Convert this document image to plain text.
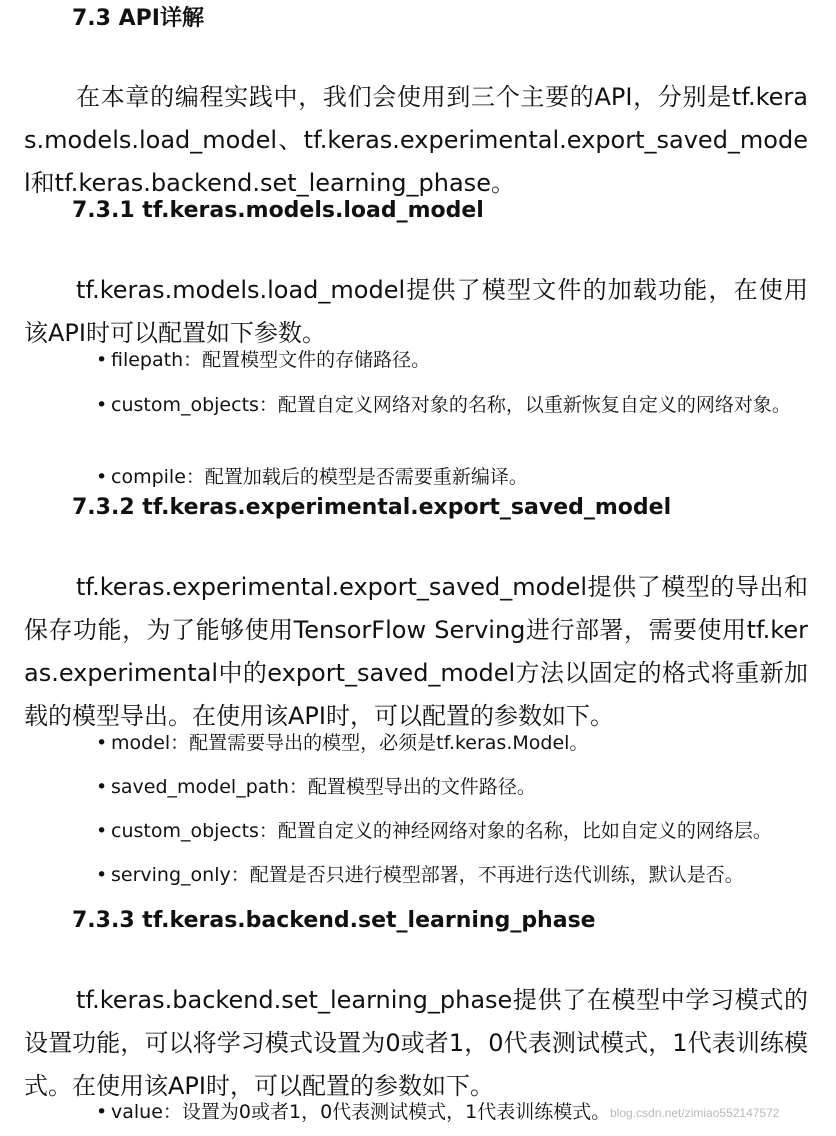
7.3 API详解

在本章的编程实践中，我们会使用到三个主要的API，分别是tf.keras.models.load_model、tf.keras.experimental.export_saved_model和tf.keras.backend.set_learning_phase。

7.3.1 tf.keras.models.load_model

tf.keras.models.load_model提供了模型文件的加载功能，在使用该API时可以配置如下参数。

• filepath：配置模型文件的存储路径。
• custom_objects：配置自定义网络对象的名称，以重新恢复自定义的网络对象。
• compile：配置加载后的模型是否需要重新编译。
7.3.2 tf.keras.experimental.export_saved_model

tf.keras.experimental.export_saved_model提供了模型的导出和保存功能，为了能够使用TensorFlow Serving进行部署，需要使用tf.keras.experimental中的export_saved_model方法以固定的格式将重新加载的模型导出。在使用该API时，可以配置的参数如下。

• model：配置需要导出的模型，必须是tf.keras.Model。
• saved_model_path：配置模型导出的文件路径。
• custom_objects：配置自定义的神经网络对象的名称，比如自定义的网络层。
• serving_only：配置是否只进行模型部署，不再进行迭代训练，默认是否。
7.3.3 tf.keras.backend.set_learning_phase

tf.keras.backend.set_learning_phase提供了在模型中学习模式的设置功能，可以将学习模式设置为0或者1，0代表测试模式，1代表训练模式。在使用该API时，可以配置的参数如下。

• value：设置为0或者1，0代表测试模式，1代表训练模式。 blog.csdn.net/zimiao552147572
